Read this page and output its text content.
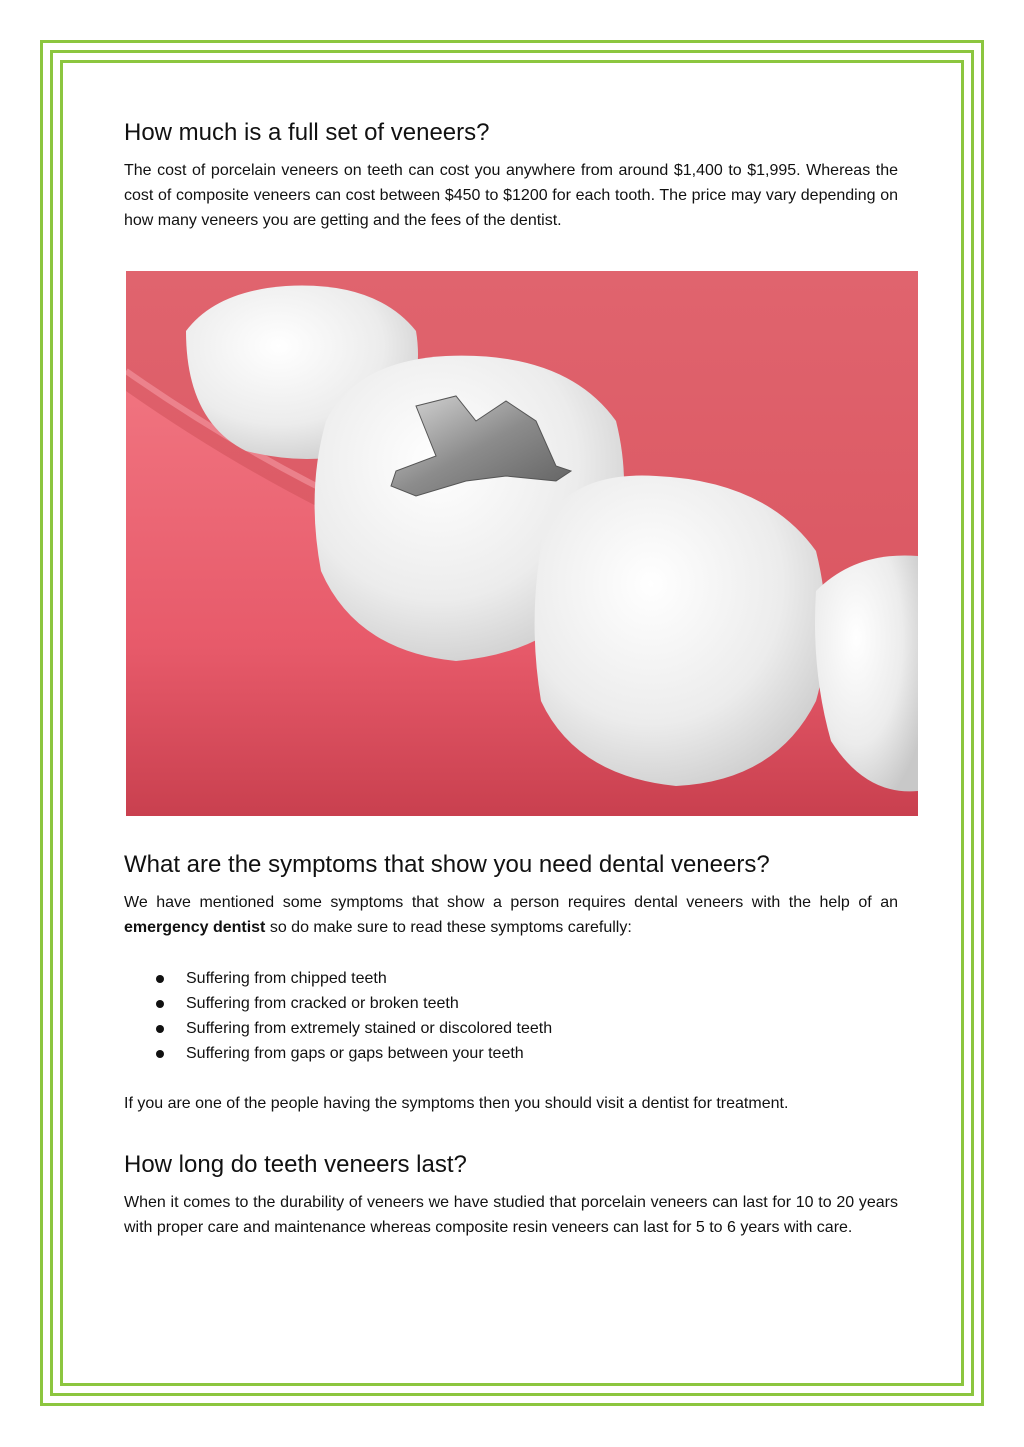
How much is a full set of veneers?

The cost of porcelain veneers on teeth can cost you anywhere from around $1,400 to $1,995. Whereas the cost of composite veneers can cost between $450 to $1200 for each tooth. The price may vary depending on how many veneers you are getting and the fees of the dentist.

What are the symptoms that show you need dental veneers?

We have mentioned some symptoms that show a person requires dental veneers with the help of an emergency dentist so do make sure to read these symptoms carefully:

Suffering from chipped teeth
Suffering from cracked or broken teeth
Suffering from extremely stained or discolored teeth
Suffering from gaps or gaps between your teeth

If you are one of the people having the symptoms then you should visit a dentist for treatment.

How long do teeth veneers last?

When it comes to the durability of veneers we have studied that porcelain veneers can last for 10 to 20 years with proper care and maintenance whereas composite resin veneers can last for 5 to 6 years with care.
